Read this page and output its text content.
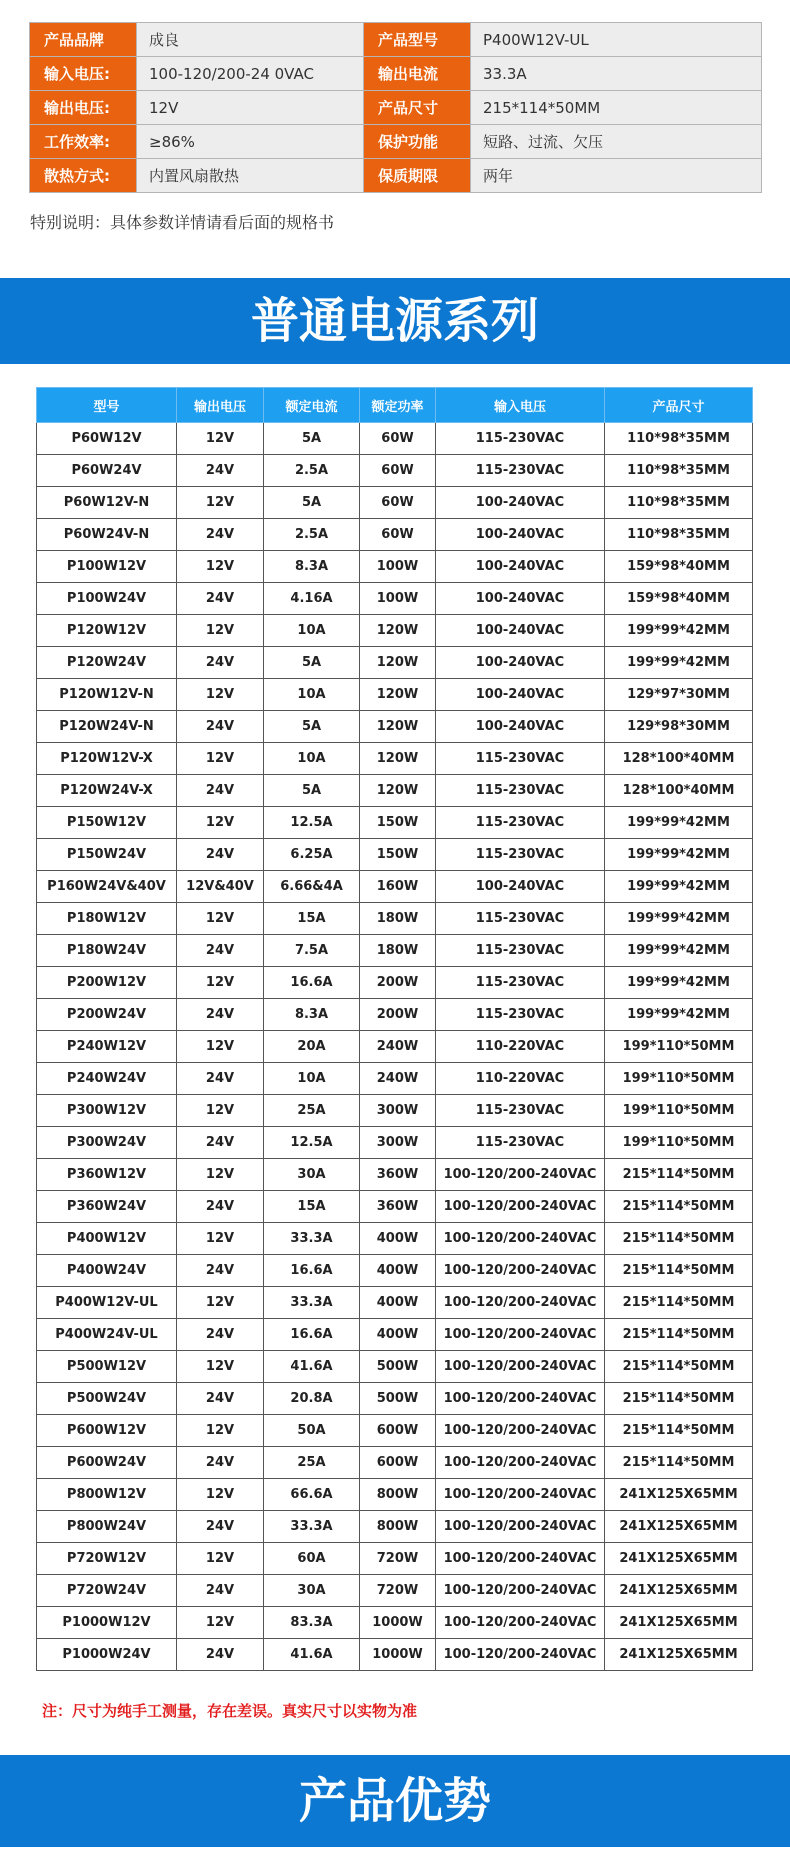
产品品牌	成良	产品型号	P400W12V-UL
输入电压:	100-120/200-24 0VAC	输出电流	33.3A
输出电压:	12V	产品尺寸	215*114*50MM
工作效率:	≥86%	保护功能	短路、过流、欠压
散热方式:	内置风扇散热	保质期限	两年
特别说明：具体参数详情请看后面的规格书
普通电源系列
型号	输出电压	额定电流	额定功率	输入电压	产品尺寸
P60W12V	12V	5A	60W	115-230VAC	110*98*35MM
P60W24V	24V	2.5A	60W	115-230VAC	110*98*35MM
P60W12V-N	12V	5A	60W	100-240VAC	110*98*35MM
P60W24V-N	24V	2.5A	60W	100-240VAC	110*98*35MM
P100W12V	12V	8.3A	100W	100-240VAC	159*98*40MM
P100W24V	24V	4.16A	100W	100-240VAC	159*98*40MM
P120W12V	12V	10A	120W	100-240VAC	199*99*42MM
P120W24V	24V	5A	120W	100-240VAC	199*99*42MM
P120W12V-N	12V	10A	120W	100-240VAC	129*97*30MM
P120W24V-N	24V	5A	120W	100-240VAC	129*98*30MM
P120W12V-X	12V	10A	120W	115-230VAC	128*100*40MM
P120W24V-X	24V	5A	120W	115-230VAC	128*100*40MM
P150W12V	12V	12.5A	150W	115-230VAC	199*99*42MM
P150W24V	24V	6.25A	150W	115-230VAC	199*99*42MM
P160W24V&40V	12V&40V	6.66&4A	160W	100-240VAC	199*99*42MM
P180W12V	12V	15A	180W	115-230VAC	199*99*42MM
P180W24V	24V	7.5A	180W	115-230VAC	199*99*42MM
P200W12V	12V	16.6A	200W	115-230VAC	199*99*42MM
P200W24V	24V	8.3A	200W	115-230VAC	199*99*42MM
P240W12V	12V	20A	240W	110-220VAC	199*110*50MM
P240W24V	24V	10A	240W	110-220VAC	199*110*50MM
P300W12V	12V	25A	300W	115-230VAC	199*110*50MM
P300W24V	24V	12.5A	300W	115-230VAC	199*110*50MM
P360W12V	12V	30A	360W	100-120/200-240VAC	215*114*50MM
P360W24V	24V	15A	360W	100-120/200-240VAC	215*114*50MM
P400W12V	12V	33.3A	400W	100-120/200-240VAC	215*114*50MM
P400W24V	24V	16.6A	400W	100-120/200-240VAC	215*114*50MM
P400W12V-UL	12V	33.3A	400W	100-120/200-240VAC	215*114*50MM
P400W24V-UL	24V	16.6A	400W	100-120/200-240VAC	215*114*50MM
P500W12V	12V	41.6A	500W	100-120/200-240VAC	215*114*50MM
P500W24V	24V	20.8A	500W	100-120/200-240VAC	215*114*50MM
P600W12V	12V	50A	600W	100-120/200-240VAC	215*114*50MM
P600W24V	24V	25A	600W	100-120/200-240VAC	215*114*50MM
P800W12V	12V	66.6A	800W	100-120/200-240VAC	241X125X65MM
P800W24V	24V	33.3A	800W	100-120/200-240VAC	241X125X65MM
P720W12V	12V	60A	720W	100-120/200-240VAC	241X125X65MM
P720W24V	24V	30A	720W	100-120/200-240VAC	241X125X65MM
P1000W12V	12V	83.3A	1000W	100-120/200-240VAC	241X125X65MM
P1000W24V	24V	41.6A	1000W	100-120/200-240VAC	241X125X65MM
注：尺寸为纯手工测量，存在差误。真实尺寸以实物为准
产品优势
